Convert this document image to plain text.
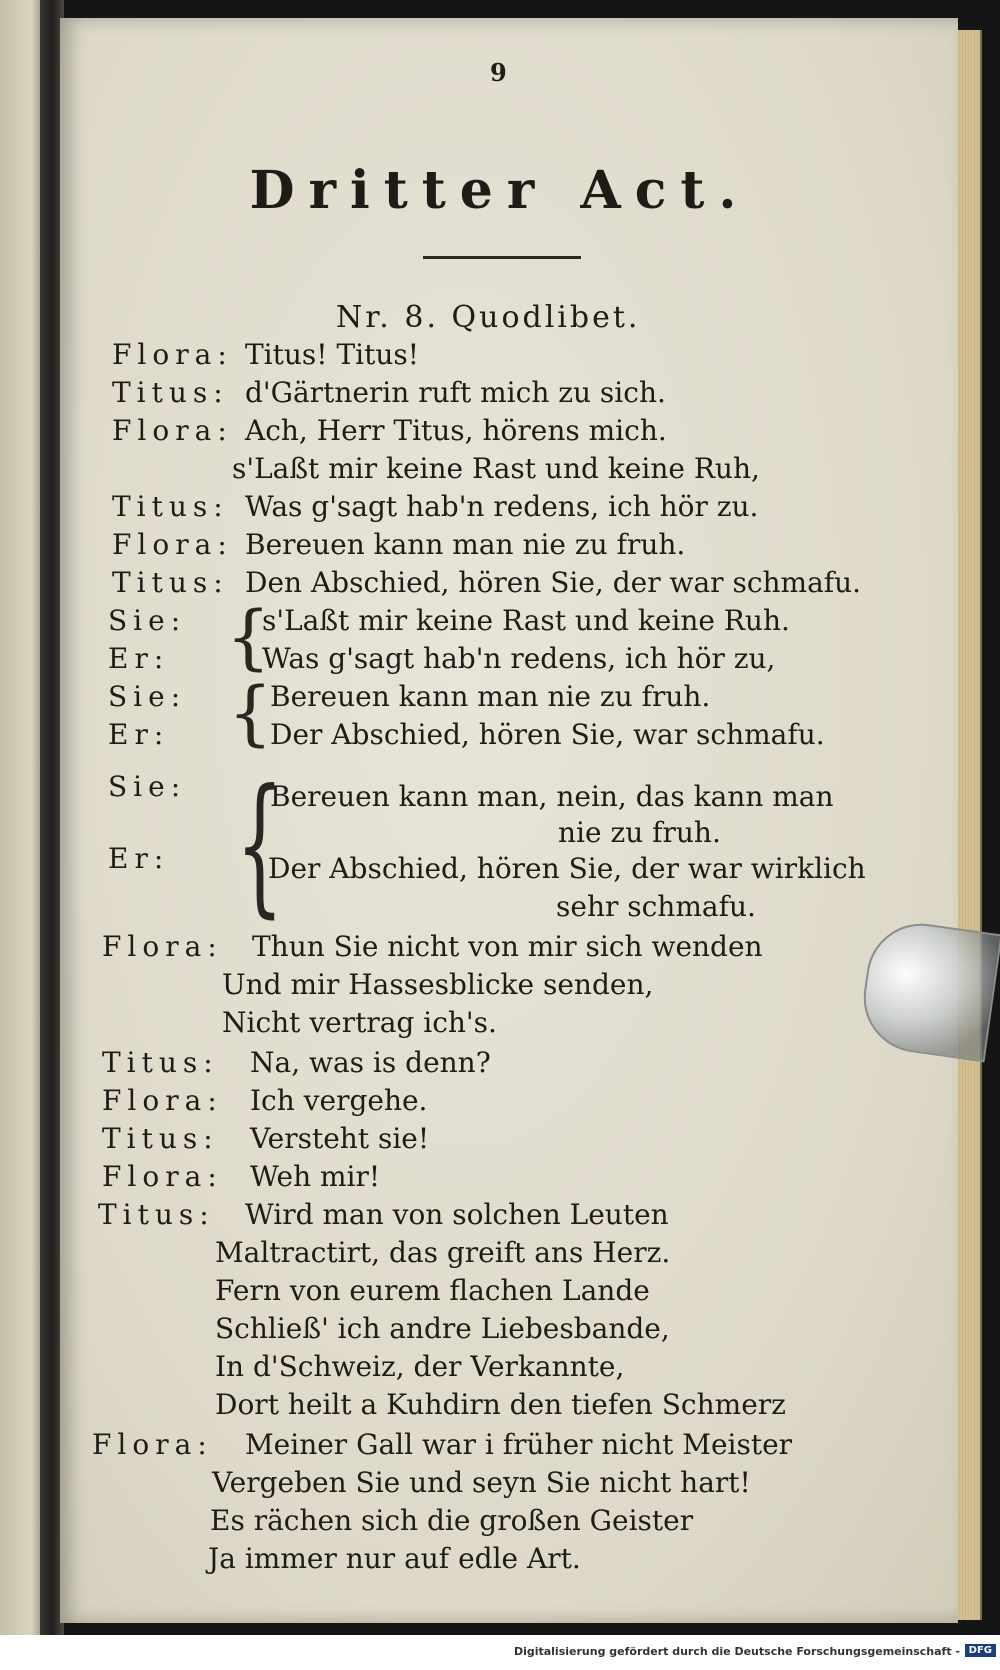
9
Dritter Act.
Nr. 8. Quodlibet.
Flora: Titus! Titus!
Titus: d'Gärtnerin ruft mich zu sich.
Flora: Ach, Herr Titus, hörens mich.
s'Laßt mir keine Rast und keine Ruh,
Titus: Was g'sagt hab'n redens, ich hör zu.
Flora: Bereuen kann man nie zu fruh.
Titus: Den Abschied, hören Sie, der war schmafu.
Sie:	s'Laßt mir keine Rast und keine Ruh.
Er:	Was g'sagt hab'n redens, ich hör zu,
{
Sie:	Bereuen kann man nie zu fruh.
Er:	Der Abschied, hören Sie, war schmafu.
{
Sie:	Bereuen kann man, nein, das kann man
nie zu fruh.
Er:	Der Abschied, hören Sie, der war wirklich
sehr schmafu.
{
Flora: Thun Sie nicht von mir sich wenden
Und mir Hassesblicke senden,
Nicht vertrag ich's.
Titus: Na, was is denn?
Flora: Ich vergehe.
Titus: Versteht sie!
Flora: Weh mir!
Titus: Wird man von solchen Leuten
Maltractirt, das greift ans Herz.
Fern von eurem flachen Lande
Schließ' ich andre Liebesbande,
In d'Schweiz, der Verkannte,
Dort heilt a Kuhdirn den tiefen Schmerz
Flora: Meiner Gall war i früher nicht Meister
Vergeben Sie und seyn Sie nicht hart!
Es rächen sich die großen Geister
Ja immer nur auf edle Art.
Digitalisierung gefördert durch die Deutsche Forschungsgemeinschaft - DFG
